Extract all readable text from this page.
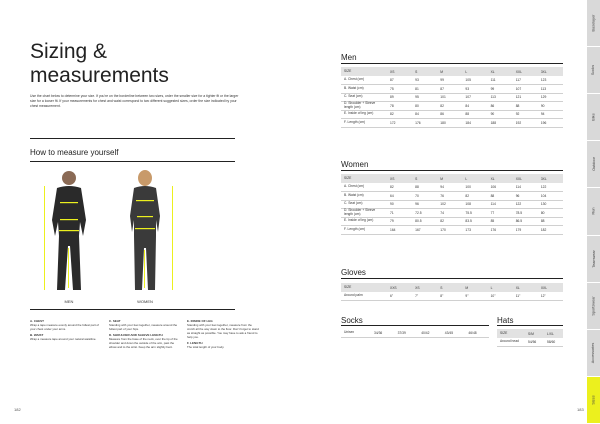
Sizing &
measurements

Use the chart below to determine your size. If you're on the borderline between two sizes, order the smaller size for a tighter fit or the larger size for a looser fit. If your measurements for chest and waist correspond to two different suggested sizes, order the size indicated by your chest measurement.

How to measure yourself
MEN	WOMEN
A. CHEST
Wrap a tape measure evenly around the fullest part of your chest under your arms.
B. WAIST
Wrap a measure tape around your natural waistline.
C. SEAT
Standing with your feet together, measure around the fullest part of your hips.
D. SHOULDER AND SLEEVE LENGTH
Measure from the base of the neck, over the tip of the shoulder and down the outside of the arm, past the elbow and to the wrist. Keep the arm slightly bent.
E. INSIDE OF LEG
Standing with your feet together, measure from the crotch all the way down to the floor. Don't forget to stand as straight as possible. You may have to ask a friend to help you.
F. LENGTH
The total length of your body.
182
Men
SIZE	XS	S	M	L	XL	XXL	3XL
A. Chest (cm)	87	93	99	105	111	117	123
B. Waist (cm)	75	81	87	93	99	107	113
C. Seat (cm)	89	95	101	107	113	121	129
D. Shoulder + Sleeve length (cm)	78	80	82	84	86	88	90
E. Inside of leg (cm)	82	84	86	88	90	92	94
F. Length (cm)	172	176	180	184	188	192	196
Women
SIZE	XS	S	M	L	XL	XXL	3XL
A. Chest (cm)	82	88	94	100	106	114	122
B. Waist (cm)	64	70	76	82	88	96	104
C. Seat (cm)	90	96	102	108	114	122	130
D. Shoulder + Sleeve length (cm)	71	72.5	74	75.5	77	78.5	80
E. Inside of leg (cm)	79	80.5	82	83.5	85	86.5	88
F. Length (cm)	164	167	170	173	176	179	182
Gloves
SIZE	XXS	XS	S	M	L	XL	XXL
Around palm	6"	7"	8"	9"	10"	11"	12"
Socks
Unisex	34/36	37/39	40/42	43/45	46/48
Hats
SIZE	S/M	L/XL
Around head	54/56	58/60
183
Baselayer
Socks
Bike
Outdoor
Run
Teamwear
Sportswear
Accessories
Sizes
